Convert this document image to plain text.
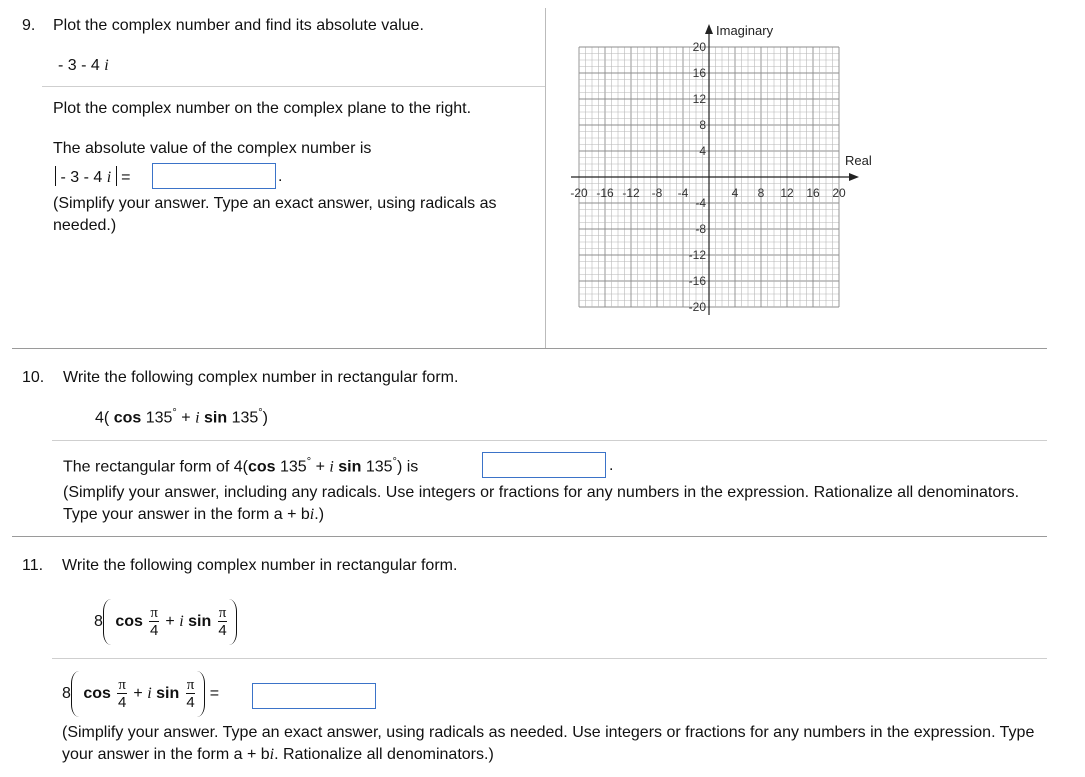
9. Plot the complex number and find its absolute value.
- 3 - 4 i
Plot the complex number on the complex plane to the right.
The absolute value of the complex number is
- 3 - 4 i =	.
(Simplify your answer. Type an exact answer, using radicals as needed.)
Imaginary
Real
-20 -16 -12 -8 -4	4 8 12 16 20
20
16
12
8
4
-4
-8
-12
-16
-20
10. Write the following complex number in rectangular form.
4( cos 135° + i sin 135°)
The rectangular form of 4(cos 135° + i sin 135°) is	.
(Simplify your answer, including any radicals. Use integers or fractions for any numbers in the expression. Rationalize all denominators. Type your answer in the form a + bi.)
11. Write the following complex number in rectangular form.
8 $\cos \frac{\pi}{4} + i$ $\sin \frac{\pi}{4}$
8 $\cos \frac{\pi}{4} + i$ $\sin \frac{\pi}{4}$ =
(Simplify your answer. Type an exact answer, using radicals as needed. Use integers or fractions for any numbers in the expression. Type your answer in the form a + bi. Rationalize all denominators.)
